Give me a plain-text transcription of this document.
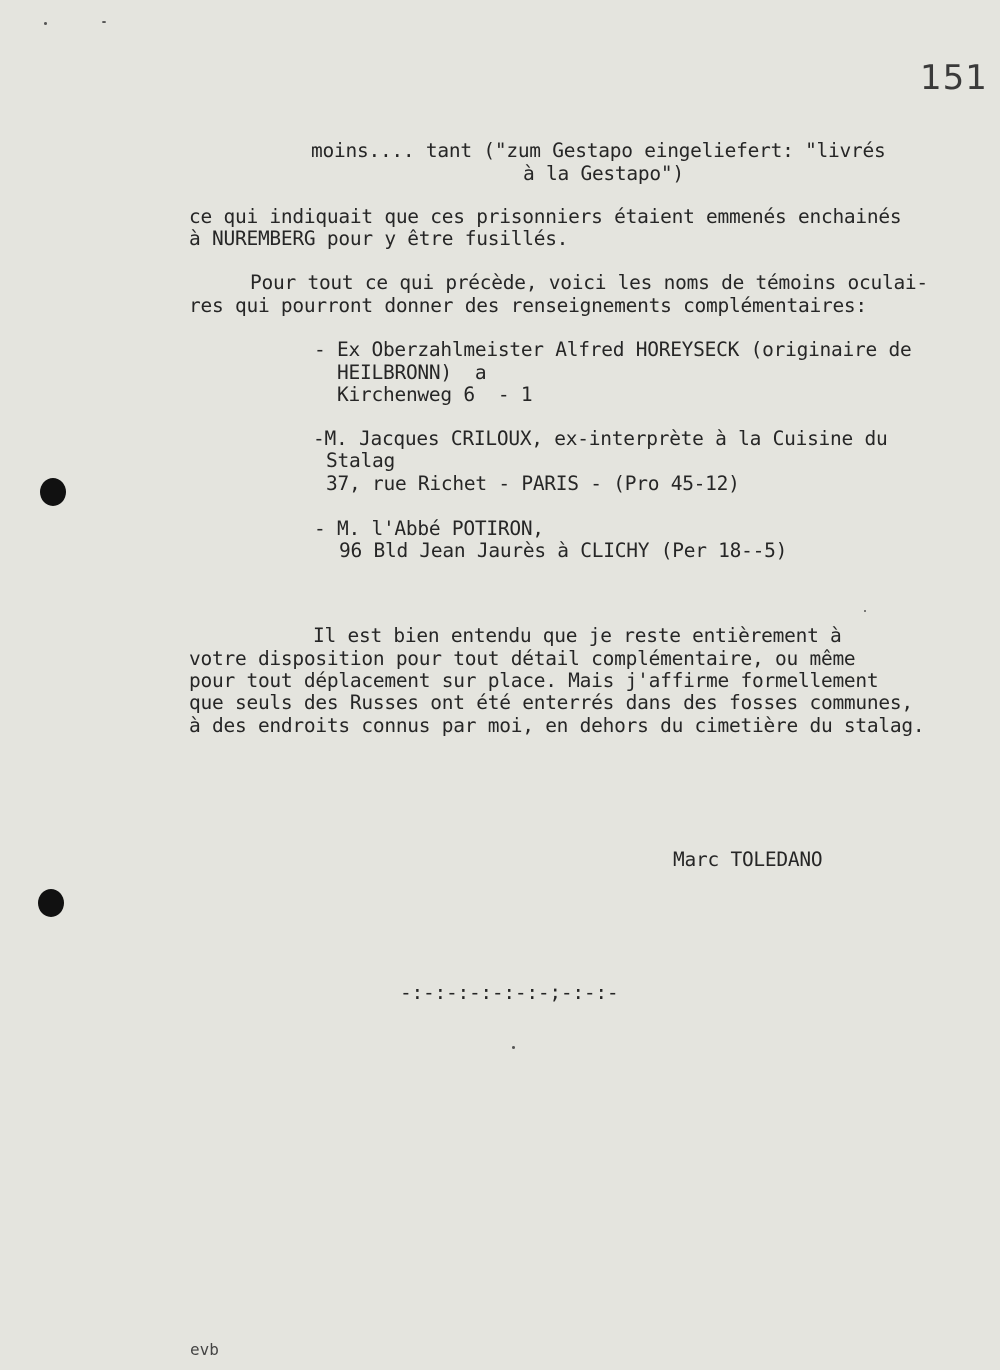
151
moins.... tant ("zum Gestapo eingeliefert: "livrés
à la Gestapo")
ce qui indiquait que ces prisonniers étaient emmenés enchainés
à NUREMBERG pour y être fusillés.
Pour tout ce qui précède, voici les noms de témoins oculai-
res qui pourront donner des renseignements complémentaires:
- Ex Oberzahlmeister Alfred HOREYSECK (originaire de
HEILBRONN)  a
Kirchenweg 6  - 1
-M. Jacques CRILOUX, ex-interprète à la Cuisine du
Stalag
37, rue Richet - PARIS - (Pro 45-12)
- M. l'Abbé POTIRON,
96 Bld Jean Jaurès à CLICHY (Per 18--5)
Il est bien entendu que je reste entièrement à
votre disposition pour tout détail complémentaire, ou même
pour tout déplacement sur place. Mais j'affirme formellement
que seuls des Russes ont été enterrés dans des fosses communes,
à des endroits connus par moi, en dehors du cimetière du stalag.
Marc TOLEDANO
-:-:-:-:-:-:-;-:-:-
evb
